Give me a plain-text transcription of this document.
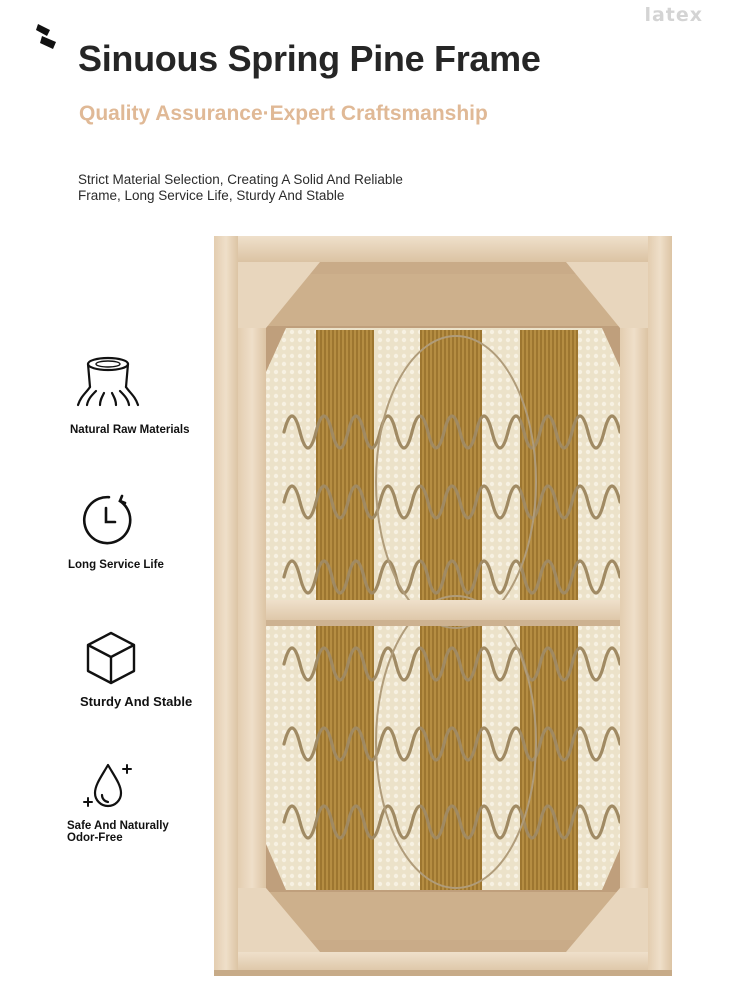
latex
Sinuous Spring Pine Frame
Quality Assurance·Expert Craftsmanship

Strict Material Selection, Creating A Solid And Reliable Frame, Long Service Life, Sturdy And Stable

Natural Raw Materials
Long Service Life
Sturdy And Stable
Safe And Naturally Odor-Free
